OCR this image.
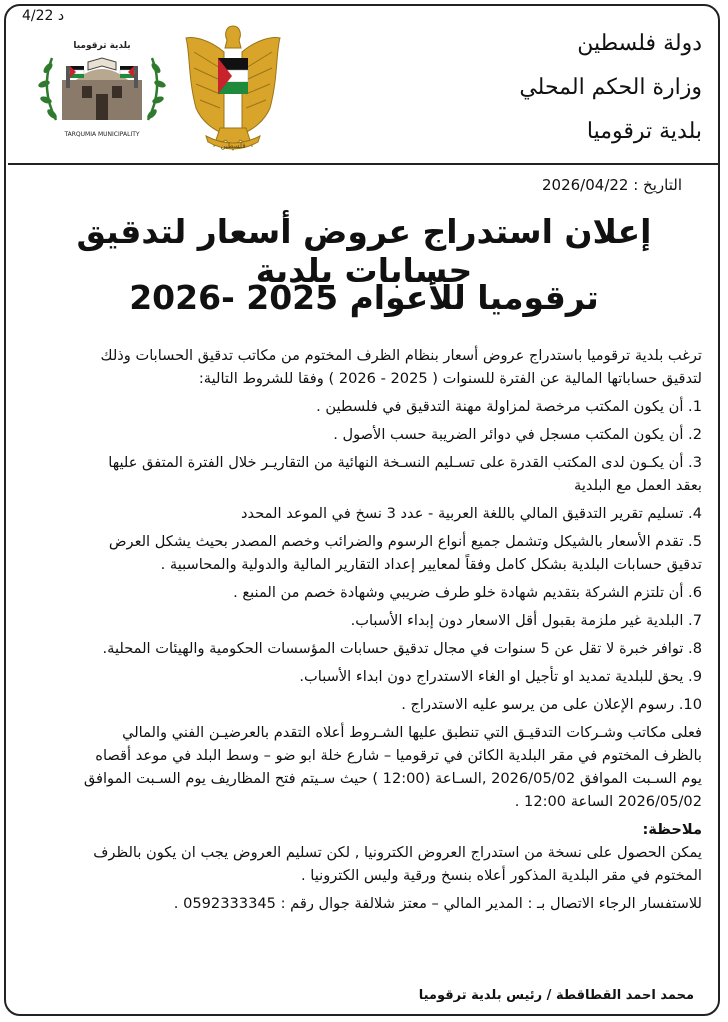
4/22 د
دولة فلسطين
وزارة الحكم المحلي
بلدية ترقوميا
فلسطين
بلدية ترقوميا
TARQUMIA MUNICIPALITY
التاريخ : 2026/04/22
إعلان استدراج عروض أسعار لتدقيق حسابات بلدية
ترقوميا للأعوام 2025 -2026
ترغب بلدية ترقوميا باستدراج عروض أسعار بنظام الظرف المختوم من مكاتب تدقيق الحسابات وذلك
لتدقيق حساباتها المالية عن الفترة للسنوات ( 2025 - 2026 ) وفقا للشروط التالية:
1. أن يكون المكتب مرخصة لمزاولة مهنة التدقيق في فلسطين .
2. أن يكون المكتب مسجل في دوائر الضريبة حسب الأصول .
3. أن يكـون لدى المكتب القدرة على تسـليم النسـخة النهائية من التقاريـر خلال الفترة المتفق عليها
بعقد العمل مع البلدية
4. تسليم تقرير التدقيق المالي باللغة العربية - عدد 3 نسخ في الموعد المحدد
5. تقدم الأسعار بالشيكل وتشمل جميع أنواع الرسوم والضرائب وخصم المصدر بحيث يشكل العرض
تدقيق حسابات البلدية بشكل كامل وفقاً لمعايير إعداد التقارير المالية والدولية والمحاسبية .
6. أن تلتزم الشركة بتقديم شهادة خلو طرف ضريبي وشهادة خصم من المنبع .
7. البلدية غير ملزمة بقبول أقل الاسعار دون إبداء الأسباب.
8. توافر خبرة لا تقل عن 5 سنوات في مجال تدقيق حسابات المؤسسات الحكومية والهيئات المحلية.
9. يحق للبلدية تمديد او تأجيل او الغاء الاستدراج دون ابداء الأسباب.
10. رسوم الإعلان على من يرسو عليه الاستدراج .
فعلى مكاتب وشـركات التدقيـق التي تنطبق عليها الشـروط أعلاه التقدم بالعرضيـن الفني والمالي
بالظرف المختوم في مقر البلدية الكائن في ترقوميا – شارع خلة ابو ضو – وسط البلد في موعد أقصاه
يوم السـبت الموافق 2026/05/02 ,السـاعة (12:00 ) حيث سـيتم فتح المظاريف يوم السـبت الموافق
2026/05/02 الساعة 12:00 .
ملاحظة:
يمكن الحصول على نسخة من استدراج العروض الكترونيا , لكن تسليم العروض يجب ان يكون بالظرف
المختوم في مقر البلدية المذكور أعلاه بنسخ ورقية وليس الكترونيا .
للاستفسار الرجاء الاتصال بـ : المدير المالي – معتز شلالفة جوال رقم : 0592333345 .
محمد احمد القطاقطة / رئيس بلدية ترقوميا
